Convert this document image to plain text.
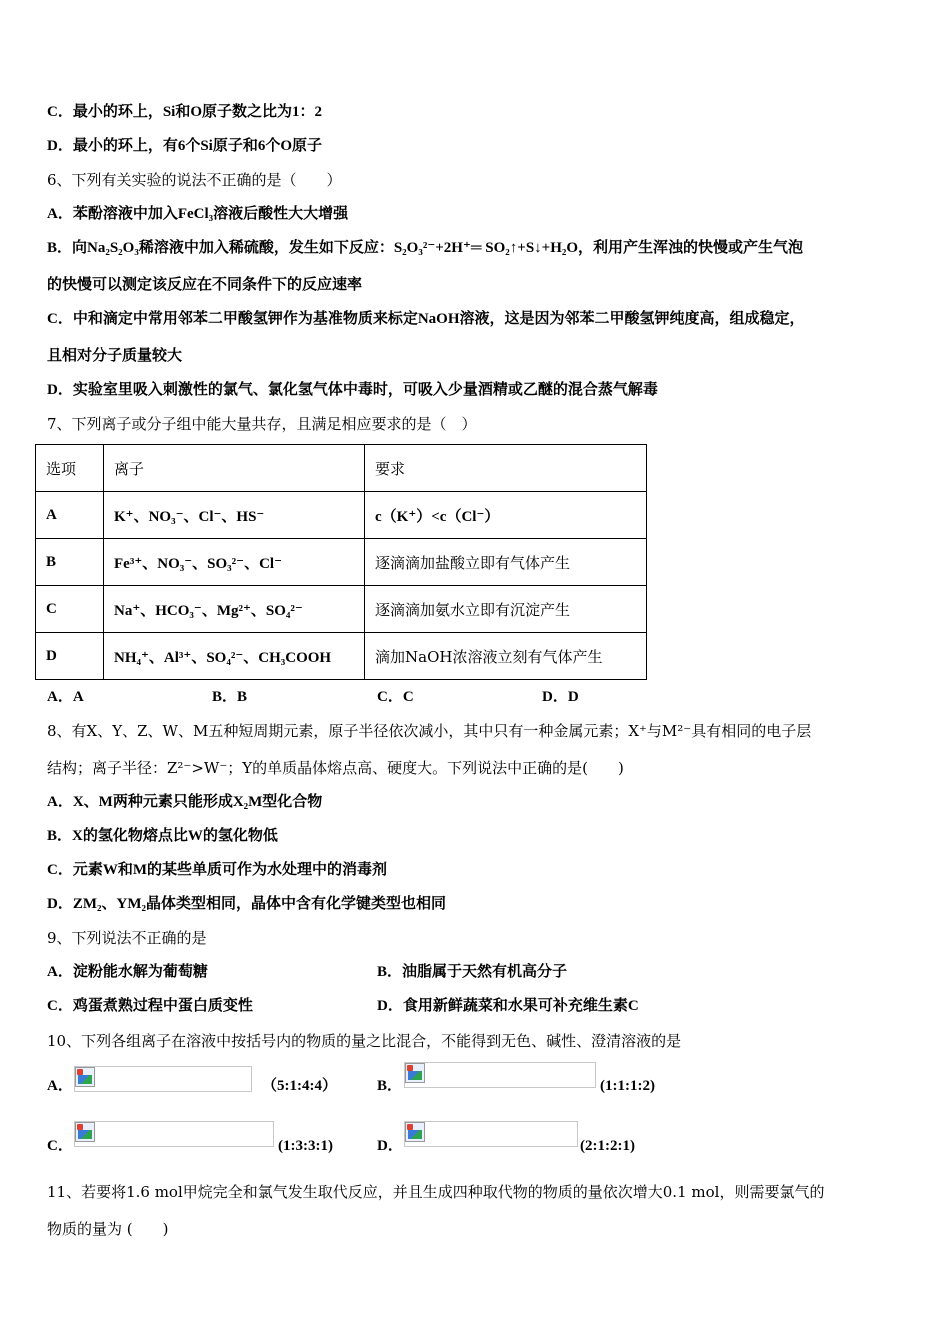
C．最小的环上，Si和O原子数之比为1：2
D．最小的环上，有6个Si原子和6个O原子
6、下列有关实验的说法不正确的是（　　）
A．苯酚溶液中加入FeCl₃溶液后酸性大大增强
B．向Na₂S₂O₃稀溶液中加入稀硫酸，发生如下反应：S₂O₃²⁻+2H⁺═ SO₂↑+S↓+H₂O，利用产生浑浊的快慢或产生气泡
的快慢可以测定该反应在不同条件下的反应速率
C．中和滴定中常用邻苯二甲酸氢钾作为基准物质来标定NaOH溶液，这是因为邻苯二甲酸氢钾纯度高，组成稳定，
且相对分子质量较大
D．实验室里吸入刺激性的氯气、氯化氢气体中毒时，可吸入少量酒精或乙醚的混合蒸气解毒
7、下列离子或分子组中能大量共存，且满足相应要求的是（　）
选项	离子	要求
A	K⁺、NO₃⁻、Cl⁻、HS⁻	c（K⁺）<c（Cl⁻）
B	Fe³⁺、NO₃⁻、SO₃²⁻、Cl⁻	逐滴滴加盐酸立即有气体产生
C	Na⁺、HCO₃⁻、Mg²⁺、SO₄²⁻	逐滴滴加氨水立即有沉淀产生
D	NH₄⁺、Al³⁺、SO₄²⁻、CH₃COOH	滴加NaOH浓溶液立刻有气体产生
A．A	B．B	C．C	D．D
8、有X、Y、Z、W、M五种短周期元素，原子半径依次减小，其中只有一种金属元素；X⁺与M²⁻具有相同的电子层
结构；离子半径：Z²⁻>W⁻；Y的单质晶体熔点高、硬度大。下列说法中正确的是(　　)
A．X、M两种元素只能形成X₂M型化合物
B．X的氢化物熔点比W的氢化物低
C．元素W和M的某些单质可作为水处理中的消毒剂
D．ZM₂、YM₂晶体类型相同，晶体中含有化学键类型也相同
9、下列说法不正确的是
A．淀粉能水解为葡萄糖	B．油脂属于天然有机高分子
C．鸡蛋煮熟过程中蛋白质变性	D．食用新鲜蔬菜和水果可补充维生素C
10、下列各组离子在溶液中按括号内的物质的量之比混合，不能得到无色、碱性、澄清溶液的是
A．	（5:1:4:4）	B．	(1:1:1:2)
C．	(1:3:3:1)	D．	(2:1:2:1)
11、若要将1.6 mol甲烷完全和氯气发生取代反应，并且生成四种取代物的物质的量依次增大0.1 mol，则需要氯气的
物质的量为 (　　)
